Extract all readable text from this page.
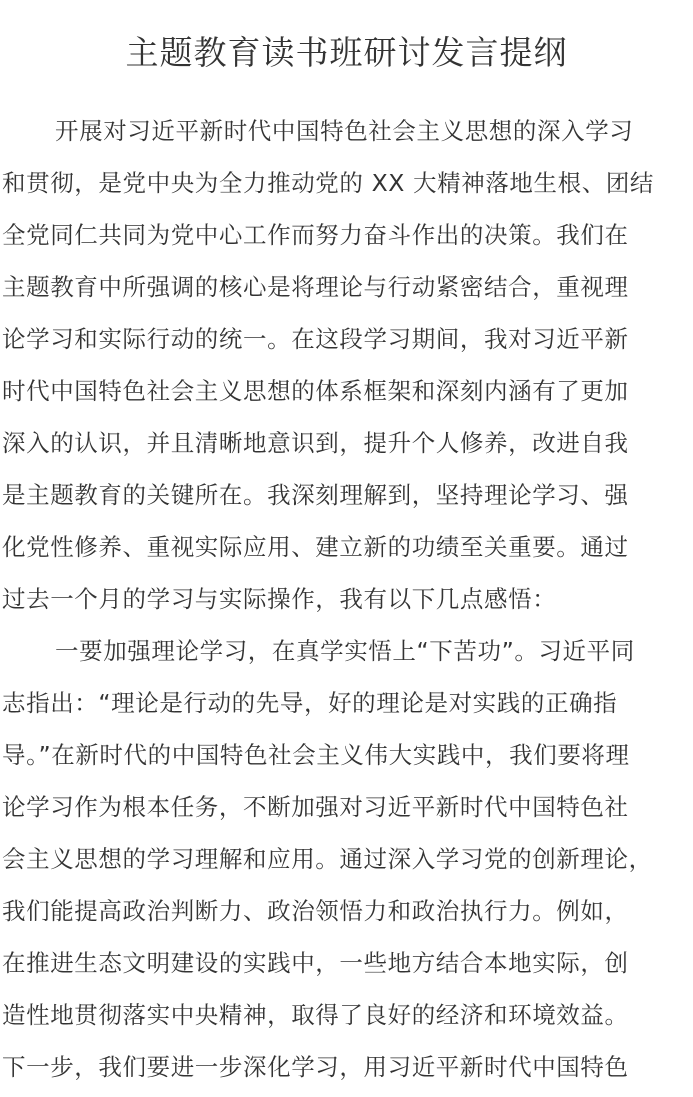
主题教育读书班研讨发言提纲
开展对习近平新时代中国特色社会主义思想的深入学习
和贯彻，是党中央为全力推动党的 XX 大精神落地生根、团结
全党同仁共同为党中心工作而努力奋斗作出的决策。我们在
主题教育中所强调的核心是将理论与行动紧密结合，重视理
论学习和实际行动的统一。在这段学习期间，我对习近平新
时代中国特色社会主义思想的体系框架和深刻内涵有了更加
深入的认识，并且清晰地意识到，提升个人修养，改进自我
是主题教育的关键所在。我深刻理解到，坚持理论学习、强
化党性修养、重视实际应用、建立新的功绩至关重要。通过
过去一个月的学习与实际操作，我有以下几点感悟：
一要加强理论学习，在真学实悟上“下苦功”。习近平同
志指出：“理论是行动的先导，好的理论是对实践的正确指
导。”在新时代的中国特色社会主义伟大实践中，我们要将理
论学习作为根本任务，不断加强对习近平新时代中国特色社
会主义思想的学习理解和应用。通过深入学习党的创新理论，
我们能提高政治判断力、政治领悟力和政治执行力。例如，
在推进生态文明建设的实践中，一些地方结合本地实际，创
造性地贯彻落实中央精神，取得了良好的经济和环境效益。
下一步，我们要进一步深化学习，用习近平新时代中国特色
